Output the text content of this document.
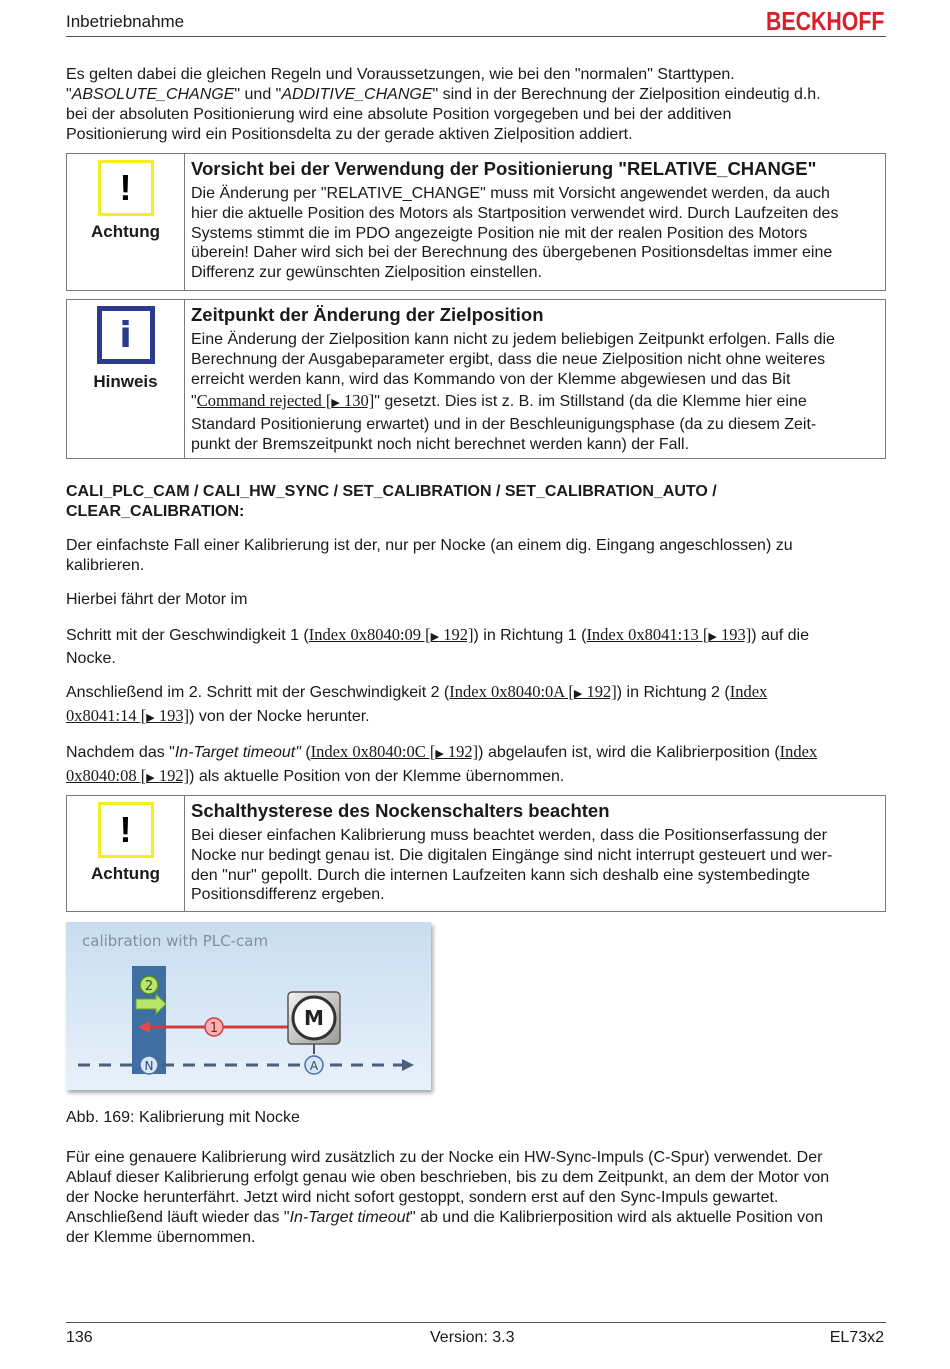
Inbetriebnahme	BECKHOFF

Es gelten dabei die gleichen Regeln und Voraussetzungen, wie bei den "normalen" Starttypen.

"ABSOLUTE_CHANGE" und "ADDITIVE_CHANGE" sind in der Berechnung der Zielposition eindeutig d.h.

bei der absoluten Positionierung wird eine absolute Position vorgegeben und bei der additiven

Positionierung wird ein Positionsdelta zu der gerade aktiven Zielposition addiert.

!
Achtung
Vorsicht bei der Verwendung der Positionierung "RELATIVE_CHANGE"
Die Änderung per "RELATIVE_CHANGE" muss mit Vorsicht angewendet werden, da auch
hier die aktuelle Position des Motors als Startposition verwendet wird. Durch Laufzeiten des
Systems stimmt die im PDO angezeigte Position nie mit der realen Position des Motors
überein! Daher wird sich bei der Berechnung des übergebenen Positionsdeltas immer eine
Differenz zur gewünschten Zielposition einstellen.
i
Hinweis
Zeitpunkt der Änderung der Zielposition
Eine Änderung der Zielposition kann nicht zu jedem beliebigen Zeitpunkt erfolgen. Falls die
Berechnung der Ausgabeparameter ergibt, dass die neue Zielposition nicht ohne weiteres
erreicht werden kann, wird das Kommando von der Klemme abgewiesen und das Bit
"Command rejected [▶ 130]" gesetzt. Dies ist z. B. im Stillstand (da die Klemme hier eine
Standard Positionierung erwartet) und in der Beschleunigungsphase (da zu diesem Zeit-
punkt der Bremszeitpunkt noch nicht berechnet werden kann) der Fall.
CALI_PLC_CAM / CALI_HW_SYNC / SET_CALIBRATION / SET_CALIBRATION_AUTO /
CLEAR_CALIBRATION:

Der einfachste Fall einer Kalibrierung ist der, nur per Nocke (an einem dig. Eingang angeschlossen) zu

kalibrieren.

Hierbei fährt der Motor im
Schritt mit der Geschwindigkeit 1 (Index 0x8040:09 [▶ 192]) in Richtung 1 (Index 0x8041:13 [▶ 193]) auf die
Nocke.
Anschließend im 2. Schritt mit der Geschwindigkeit 2 (Index 0x8040:0A [▶ 192]) in Richtung 2 (Index
0x8041:14 [▶ 193]) von der Nocke herunter.
Nachdem das "In-Target timeout" (Index 0x8040:0C [▶ 192]) abgelaufen ist, wird die Kalibrierposition (Index
0x8040:08 [▶ 192]) als aktuelle Position von der Klemme übernommen.
!
Achtung
Schalthysterese des Nockenschalters beachten
Bei dieser einfachen Kalibrierung muss beachtet werden, dass die Positionserfassung der
Nocke nur bedingt genau ist. Die digitalen Eingänge sind nicht interrupt gesteuert und wer-
den "nur" gepollt. Durch die internen Laufzeiten kann sich deshalb eine systembedingte
Positionsdifferenz ergeben.
calibration with PLC-cam
2
1	M
N	A
Abb. 169: Kalibrierung mit Nocke
Für eine genauere Kalibrierung wird zusätzlich zu der Nocke ein HW-Sync-Impuls (C-Spur) verwendet. Der
Ablauf dieser Kalibrierung erfolgt genau wie oben beschrieben, bis zu dem Zeitpunkt, an dem der Motor von
der Nocke herunterfährt. Jetzt wird nicht sofort gestoppt, sondern erst auf den Sync-Impuls gewartet.
Anschließend läuft wieder das "In-Target timeout" ab und die Kalibrierposition wird als aktuelle Position von
der Klemme übernommen.
136	Version: 3.3	EL73x2
